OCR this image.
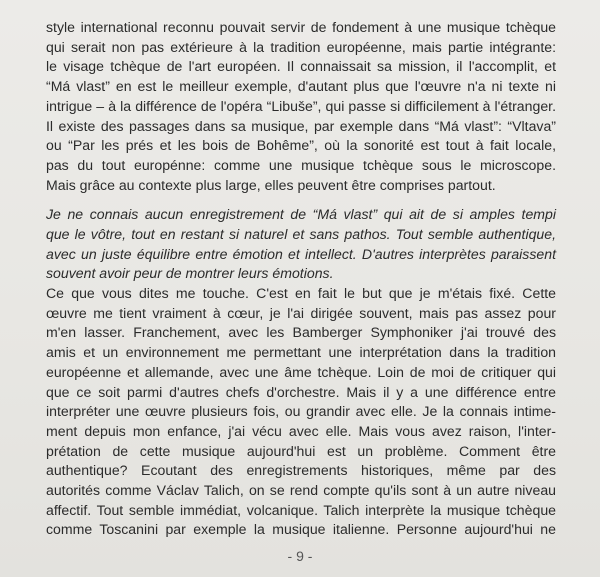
style international reconnu pouvait servir de fondement à une musique tchèque
qui serait non pas extérieure à la tradition européenne, mais partie intégrante:
le visage tchèque de l'art européen. Il connaissait sa mission, il l'accomplit, et
“Má vlast” en est le meilleur exemple, d'autant plus que l'œuvre n'a ni texte ni
intrigue – à la différence de l'opéra “Libuše”, qui passe si difficilement à l'étranger.
Il existe des passages dans sa musique, par exemple dans “Má vlast”: “Vltava”
ou “Par les prés et les bois de Bohême”, où la sonorité est tout à fait locale,
pas du tout europénne: comme une musique tchèque sous le microscope.
Mais grâce au contexte plus large, elles peuvent être comprises partout.
Je ne connais aucun enregistrement de “Má vlast” qui ait de si amples tempi
que le vôtre, tout en restant si naturel et sans pathos. Tout semble authentique,
avec un juste équilibre entre émotion et intellect. D'autres interprètes paraissent
souvent avoir peur de montrer leurs émotions.
Ce que vous dites me touche. C'est en fait le but que je m'étais fixé. Cette
œuvre me tient vraiment à cœur, je l'ai dirigée souvent, mais pas assez pour
m'en lasser. Franchement, avec les Bamberger Symphoniker j'ai trouvé des
amis et un environnement me permettant une interprétation dans la tradition
européenne et allemande, avec une âme tchèque. Loin de moi de critiquer qui
que ce soit parmi d'autres chefs d'orchestre. Mais il y a une différence entre
interpréter une œuvre plusieurs fois, ou grandir avec elle. Je la connais intime-
ment depuis mon enfance, j'ai vécu avec elle. Mais vous avez raison, l'inter-
prétation de cette musique aujourd'hui est un problème. Comment être
authentique? Ecoutant des enregistrements historiques, même par des
autorités comme Václav Talich, on se rend compte qu'ils sont à un autre niveau
affectif. Tout semble immédiat, volcanique. Talich interprète la musique tchèque
comme Toscanini par exemple la musique italienne. Personne aujourd'hui ne
- 9 -
